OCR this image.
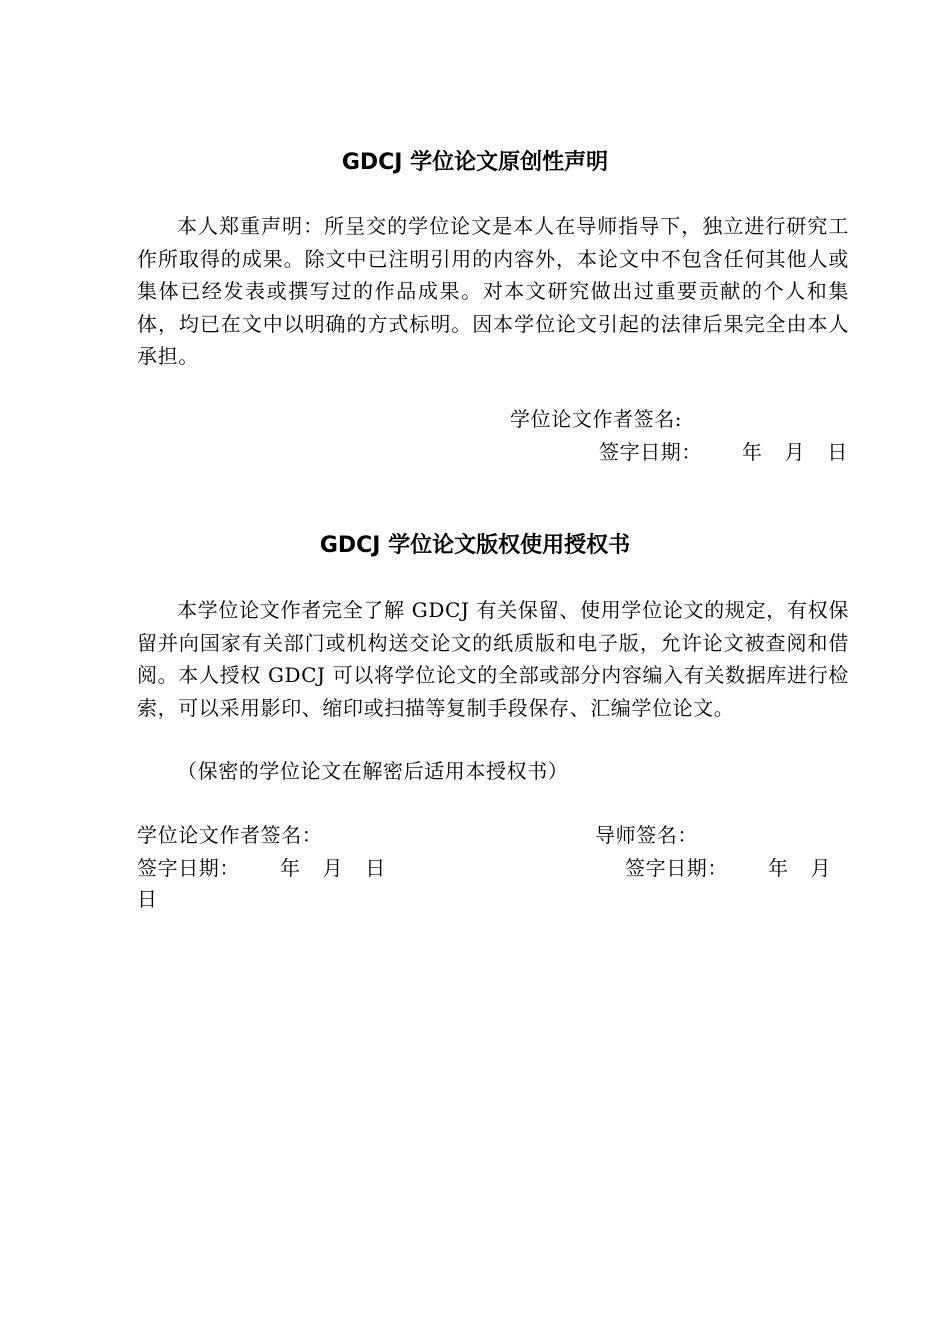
GDCJ 学位论文原创性声明

本人郑重声明：所呈交的学位论文是本人在导师指导下，独立进行研究工作所取得的成果。除文中已注明引用的内容外，本论文中不包含任何其他人或集体已经发表或撰写过的作品成果。对本文研究做出过重要贡献的个人和集体，均已在文中以明确的方式标明。因本学位论文引起的法律后果完全由本人承担。

学位论文作者签名:
签字日期： 年 月 日
GDCJ 学位论文版权使用授权书

本学位论文作者完全了解 GDCJ 有关保留、使用学位论文的规定，有权保留并向国家有关部门或机构送交论文的纸质版和电子版，允许论文被查阅和借阅。本人授权 GDCJ 可以将学位论文的全部或部分内容编入有关数据库进行检索，可以采用影印、缩印或扫描等复制手段保存、汇编学位论文。

（保密的学位论文在解密后适用本授权书）
学位论文作者签名：	导师签名：
签字日期： 年 月 日	签字日期： 年 月
日
